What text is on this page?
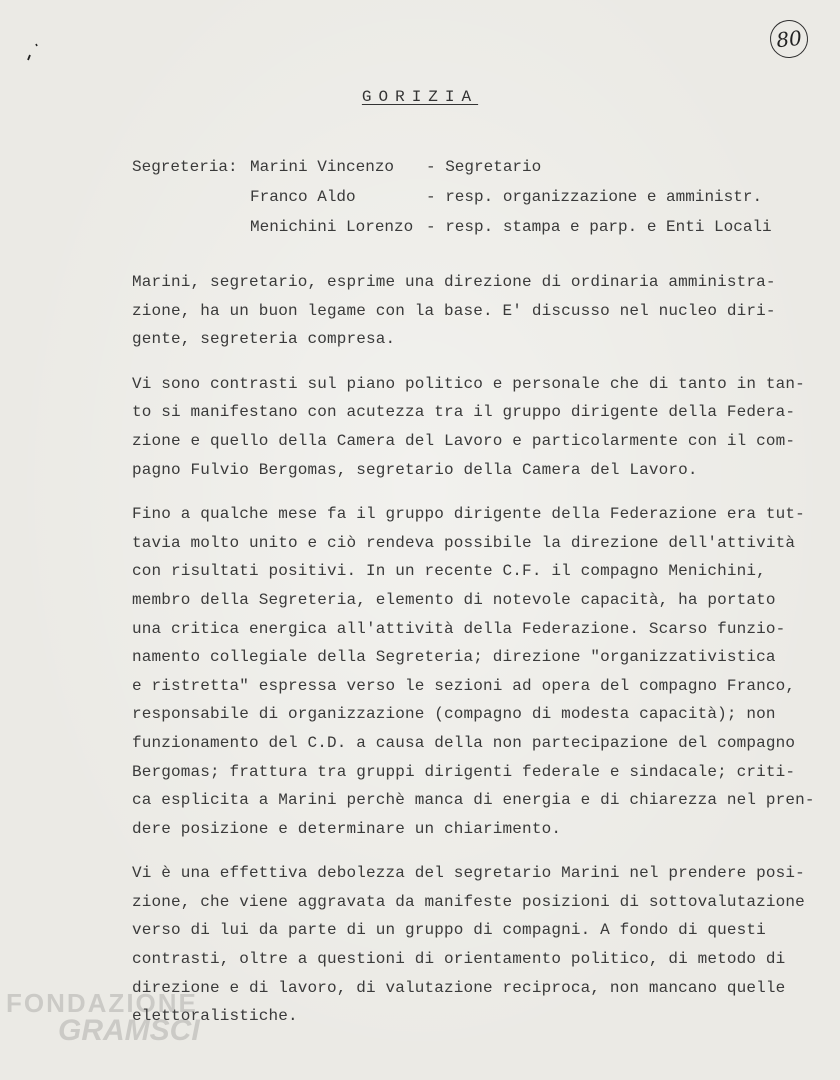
80
GORIZIA
Segreteria: Marini Vincenzo - Segretario
Franco Aldo	- resp. organizzazione e amministr.
Menichini Lorenzo - resp. stampa e parp. e Enti Locali
Marini, segretario, esprime una direzione di ordinaria amministra-
zione, ha un buon legame con la base. E' discusso nel nucleo diri-
gente, segreteria compresa.
Vi sono contrasti sul piano politico e personale che di tanto in tan-
to si manifestano con acutezza tra il gruppo dirigente della Federa-
zione e quello della Camera del Lavoro e particolarmente con il com-
pagno Fulvio Bergomas, segretario della Camera del Lavoro.
Fino a qualche mese fa il gruppo dirigente della Federazione era tut-
tavia molto unito e ciò rendeva possibile la direzione dell'attività
con risultati positivi. In un recente C.F. il compagno Menichini,
membro della Segreteria, elemento di notevole capacità, ha portato
una critica energica all'attività della Federazione. Scarso funzio-
namento collegiale della Segreteria; direzione "organizzativistica
e ristretta" espressa verso le sezioni ad opera del compagno Franco,
responsabile di organizzazione (compagno di modesta capacità); non
funzionamento del C.D. a causa della non partecipazione del compagno
Bergomas; frattura tra gruppi dirigenti federale e sindacale; criti-
ca esplicita a Marini perchè manca di energia e di chiarezza nel pren-
dere posizione e determinare un chiarimento.
Vi è una effettiva debolezza del segretario Marini nel prendere posi-
zione, che viene aggravata da manifeste posizioni di sottovalutazione
verso di lui da parte di un gruppo di compagni. A fondo di questi
contrasti, oltre a questioni di orientamento politico, di metodo di
direzione e di lavoro, di valutazione reciproca, non mancano quelle
elettoralistiche.
FONDAZIONE
GRAMSCI
